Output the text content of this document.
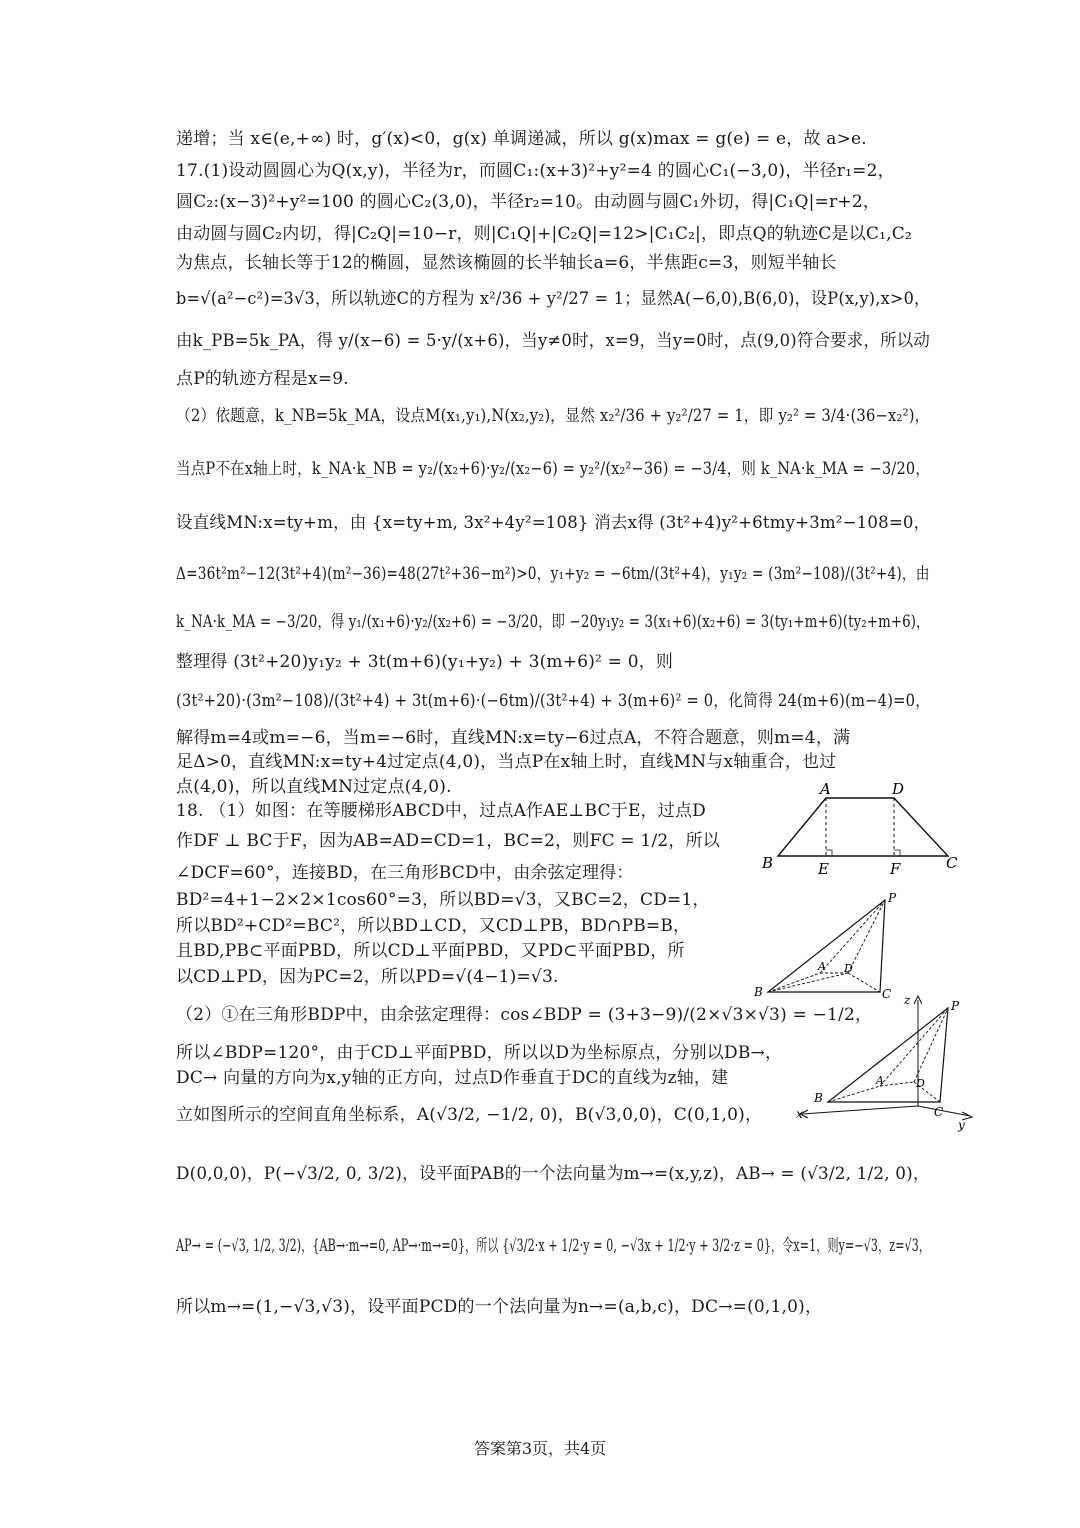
递增；当 x∈(e,+∞) 时，g′(x)<0，g(x) 单调递减，所以 g(x)max = g(e) = e，故 a>e.
17.(1)设动圆圆心为Q(x,y)，半径为r，而圆C₁:(x+3)²+y²=4 的圆心C₁(−3,0)，半径r₁=2，
圆C₂:(x−3)²+y²=100 的圆心C₂(3,0)，半径r₂=10。由动圆与圆C₁外切，得|C₁Q|=r+2，
由动圆与圆C₂内切，得|C₂Q|=10−r，则|C₁Q|+|C₂Q|=12>|C₁C₂|，即点Q的轨迹C是以C₁,C₂
为焦点，长轴长等于12的椭圆，显然该椭圆的长半轴长a=6，半焦距c=3，则短半轴长
b=√(a²−c²)=3√3，所以轨迹C的方程为 x²/36 + y²/27 = 1；显然A(−6,0),B(6,0)，设P(x,y),x>0，
由k_PB=5k_PA，得 y/(x−6) = 5·y/(x+6)，当y≠0时，x=9，当y=0时，点(9,0)符合要求，所以动
点P的轨迹方程是x=9.
（2）依题意，k_NB=5k_MA，设点M(x₁,y₁),N(x₂,y₂)，显然 x₂²/36 + y₂²/27 = 1，即 y₂² = 3/4·(36−x₂²)，
当点P不在x轴上时，k_NA·k_NB = y₂/(x₂+6)·y₂/(x₂−6) = y₂²/(x₂²−36) = −3/4，则 k_NA·k_MA = −3/20，
设直线MN:x=ty+m，由 {x=ty+m, 3x²+4y²=108} 消去x得 (3t²+4)y²+6tmy+3m²−108=0，
Δ=36t²m²−12(3t²+4)(m²−36)=48(27t²+36−m²)>0，y₁+y₂ = −6tm/(3t²+4)，y₁y₂ = (3m²−108)/(3t²+4)，由
k_NA·k_MA = −3/20，得 y₁/(x₁+6)·y₂/(x₂+6) = −3/20，即 −20y₁y₂ = 3(x₁+6)(x₂+6) = 3(ty₁+m+6)(ty₂+m+6)，
整理得 (3t²+20)y₁y₂ + 3t(m+6)(y₁+y₂) + 3(m+6)² = 0，则
(3t²+20)·(3m²−108)/(3t²+4) + 3t(m+6)·(−6tm)/(3t²+4) + 3(m+6)² = 0，化简得 24(m+6)(m−4)=0，
解得m=4或m=−6，当m=−6时，直线MN:x=ty−6过点A，不符合题意，则m=4，满
足Δ>0，直线MN:x=ty+4过定点(4,0)，当点P在x轴上时，直线MN与x轴重合，也过
点(4,0)，所以直线MN过定点(4,0).
18. （1）如图：在等腰梯形ABCD中，过点A作AE⊥BC于E，过点D
作DF ⊥ BC于F，因为AB=AD=CD=1，BC=2，则FC = 1/2，所以
∠DCF=60°，连接BD，在三角形BCD中，由余弦定理得：
BD²=4+1−2×2×1cos60°=3，所以BD=√3，又BC=2，CD=1，
所以BD²+CD²=BC²，所以BD⊥CD，又CD⊥PB，BD∩PB=B，
且BD,PB⊂平面PBD，所以CD⊥平面PBD，又PD⊂平面PBD，所
以CD⊥PD，因为PC=2，所以PD=√(4−1)=√3.
（2）①在三角形BDP中，由余弦定理得：cos∠BDP = (3+3−9)/(2×√3×√3) = −1/2，
所以∠BDP=120°，由于CD⊥平面PBD，所以以D为坐标原点，分别以DB→，
DC→ 向量的方向为x,y轴的正方向，过点D作垂直于DC的直线为z轴，建
立如图所示的空间直角坐标系，A(√3/2, −1/2, 0)，B(√3,0,0)，C(0,1,0)，
D(0,0,0)，P(−√3/2, 0, 3/2)，设平面PAB的一个法向量为m→=(x,y,z)，AB→ = (√3/2, 1/2, 0)，
AP→ = (−√3, 1/2, 3/2)，{AB→·m→=0, AP→·m→=0}，所以 {√3/2·x + 1/2·y = 0, −√3x + 1/2·y + 3/2·z = 0}，令x=1，则y=−√3，z=√3，
所以m→=(1,−√3,√3)，设平面PCD的一个法向量为n→=(a,b,c)，DC→=(0,1,0)，
A	D
B	E	F	C
P
A D
B	C z	P
A	D
B
C
x
y
答案第3页，共4页
